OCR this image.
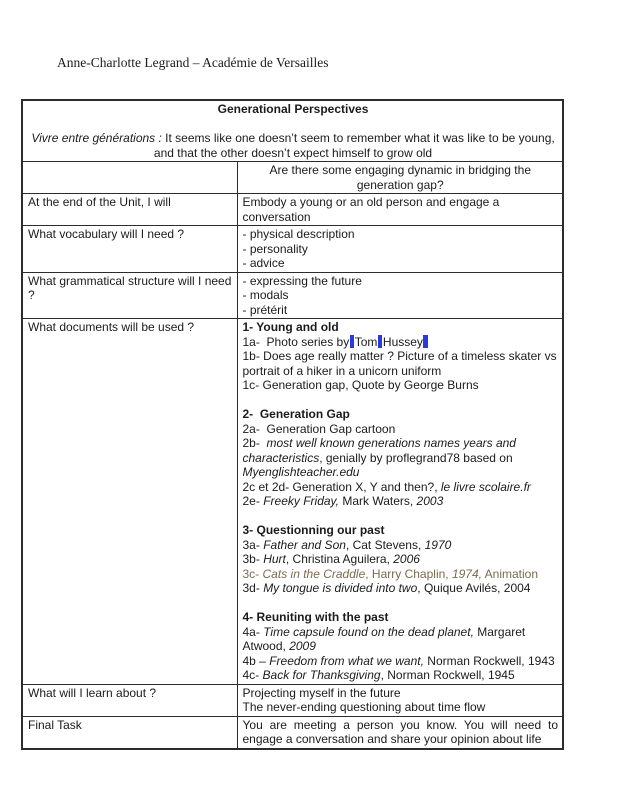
Anne-Charlotte Legrand – Académie de Versailles
Generational Perspectives

Vivre entre générations : It seems like one doesn’t seem to remember what it was like to be young, and that the other doesn’t expect himself to grow old	

	Are there some engaging dynamic in bridging the generation gap?

At the end of the Unit, I will	Embody a young or an old person and engage a conversation

What vocabulary will I need ?	- physical description
- personality
- advice

What grammatical structure will I need ?	- expressing the future
- modals
- prétérit

What documents will be used ?	1- Young and old
1a-  Photo series by Tom Hussey
1b- Does age really matter ? Picture of a timeless skater vs portrait of a hiker in a unicorn uniform
1c- Generation gap, Quote by George Burns

2-  Generation Gap
2a-  Generation Gap cartoon
2b-  most well known generations names years and characteristics, genially by proflegrand78 based on Myenglishteacher.edu
2c et 2d- Generation X, Y and then?, le livre scolaire.fr
2e- Freeky Friday, Mark Waters, 2003

3- Questionning our past
3a- Father and Son, Cat Stevens, 1970
3b- Hurt, Christina Aguilera, 2006
3c- Cats in the Craddle, Harry Chaplin, 1974, Animation
3d- My tongue is divided into two, Quique Avilés, 2004

4- Reuniting with the past
4a- Time capsule found on the dead planet, Margaret Atwood, 2009
4b – Freedom from what we want, Norman Rockwell, 1943
4c- Back for Thanksgiving, Norman Rockwell, 1945

What will I learn about ?	Projecting myself in the future
The never-ending questioning about time flow

Final Task	You are meeting a person you know. You will need to engage a conversation and share your opinion about life
